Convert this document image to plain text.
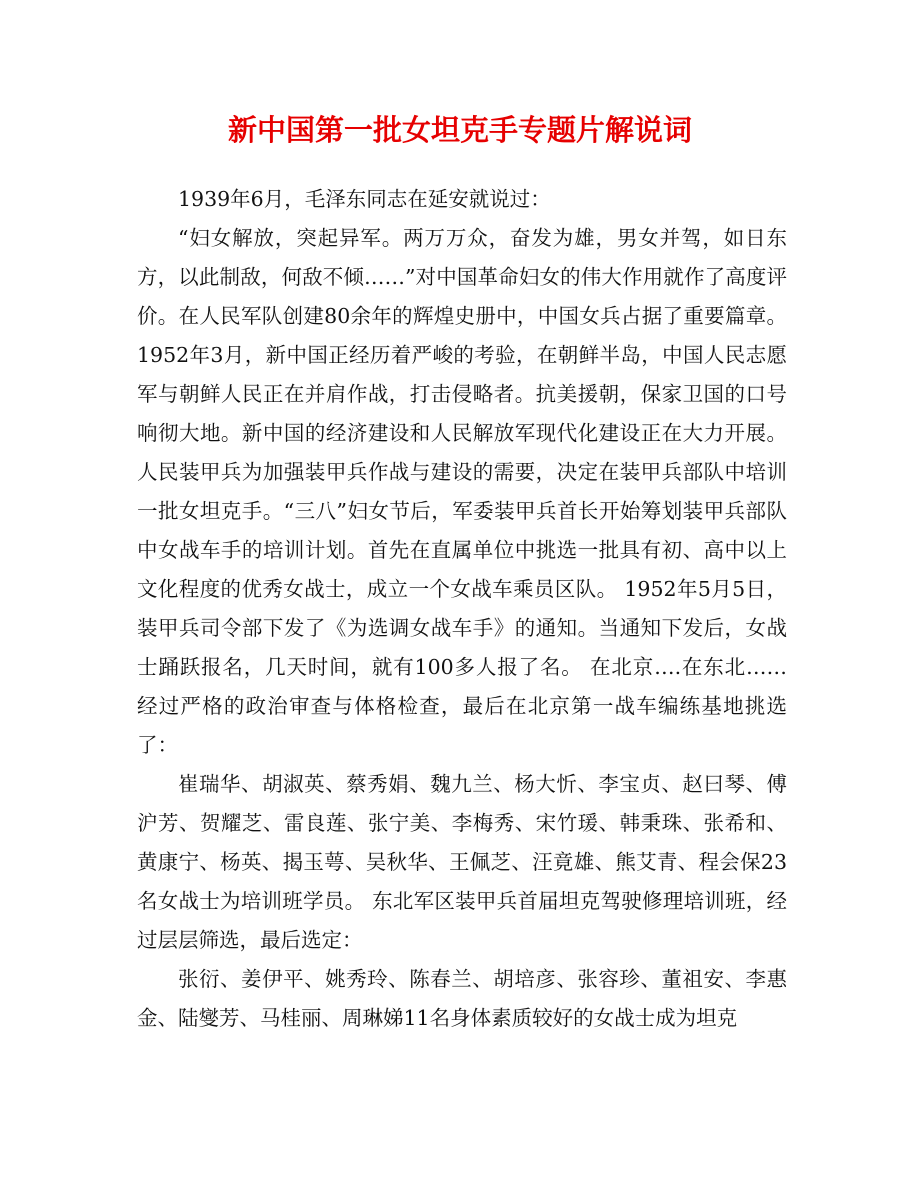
新中国第一批女坦克手专题片解说词

1939年6月，毛泽东同志在延安就说过：

“妇女解放，突起异军。两万万众，奋发为雄，男女并驾，如日东方，以此制敌，何敌不倾……”对中国革命妇女的伟大作用就作了高度评价。在人民军队创建80余年的辉煌史册中，中国女兵占据了重要篇章。 1952年3月，新中国正经历着严峻的考验，在朝鲜半岛，中国人民志愿军与朝鲜人民正在并肩作战，打击侵略者。抗美援朝，保家卫国的口号响彻大地。新中国的经济建设和人民解放军现代化建设正在大力开展。 人民装甲兵为加强装甲兵作战与建设的需要，决定在装甲兵部队中培训一批女坦克手。“三八”妇女节后，军委装甲兵首长开始筹划装甲兵部队中女战车手的培训计划。首先在直属单位中挑选一批具有初、高中以上文化程度的优秀女战士，成立一个女战车乘员区队。 1952年5月5日，装甲兵司令部下发了《为选调女战车手》的通知。当通知下发后，女战士踊跃报名，几天时间，就有100多人报了名。 在北京….在东北…… 经过严格的政治审查与体格检查，最后在北京第一战车编练基地挑选了：

崔瑞华、胡淑英、蔡秀娟、魏九兰、杨大忻、李宝贞、赵曰琴、傅沪芳、贺耀芝、雷良莲、张宁美、李梅秀、宋竹瑗、韩秉珠、张希和、黄康宁、杨英、揭玉萼、吴秋华、王佩芝、汪竟雄、熊艾青、程会保23名女战士为培训班学员。 东北军区装甲兵首届坦克驾驶修理培训班，经过层层筛选，最后选定：

张衍、姜伊平、姚秀玲、陈春兰、胡培彦、张容珍、董祖安、李惠金、陆燮芳、马桂丽、周琳娣11名身体素质较好的女战士成为坦克
